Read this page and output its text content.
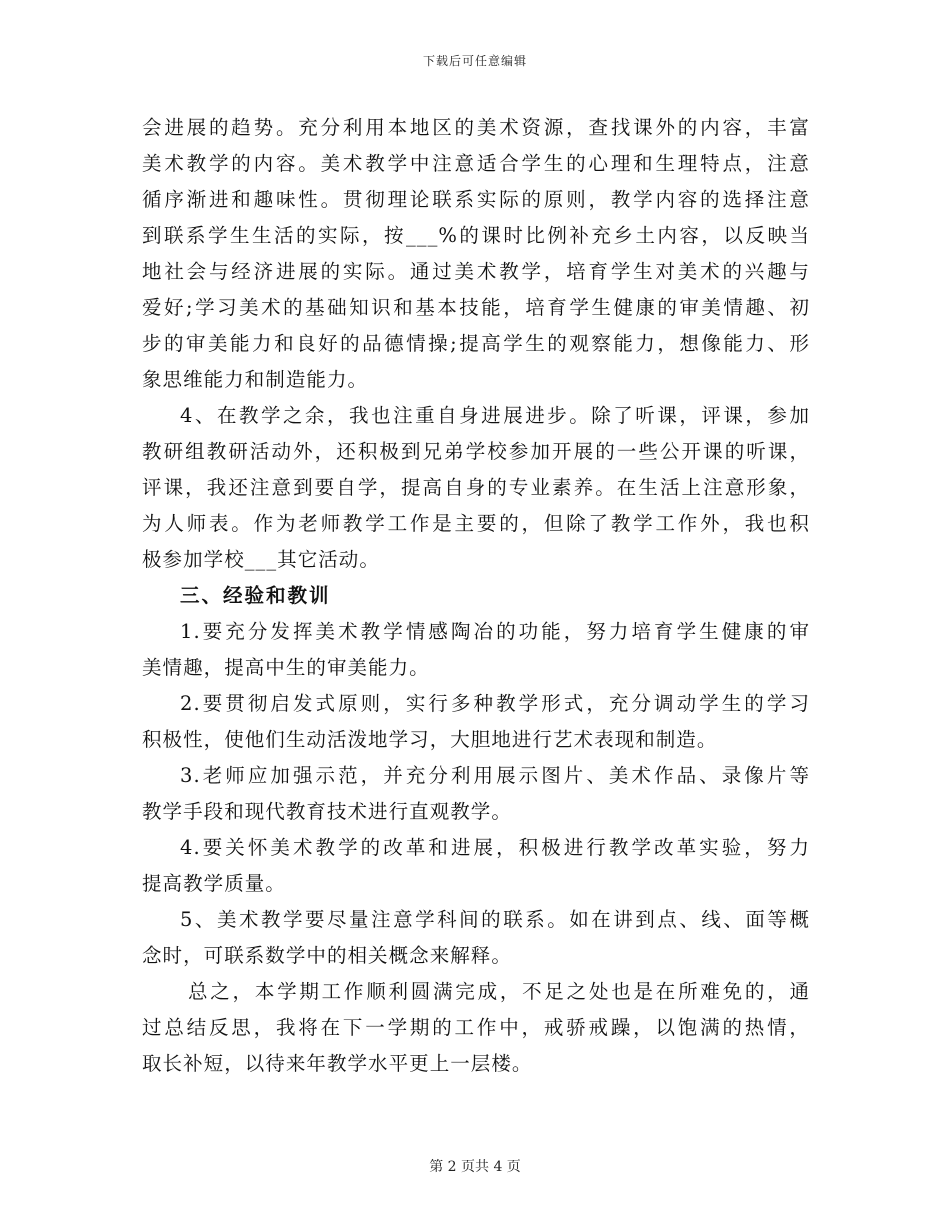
下载后可任意编辑
会进展的趋势。充分利用本地区的美术资源，查找课外的内容，丰富
美术教学的内容。美术教学中注意适合学生的心理和生理特点，注意
循序渐进和趣味性。贯彻理论联系实际的原则，教学内容的选择注意
到联系学生生活的实际，按___%的课时比例补充乡土内容，以反映当
地社会与经济进展的实际。通过美术教学，培育学生对美术的兴趣与
爱好;学习美术的基础知识和基本技能，培育学生健康的审美情趣、初
步的审美能力和良好的品德情操;提高学生的观察能力，想像能力、形
象思维能力和制造能力。
4、在教学之余，我也注重自身进展进步。除了听课，评课，参加
教研组教研活动外，还积极到兄弟学校参加开展的一些公开课的听课，
评课，我还注意到要自学，提高自身的专业素养。在生活上注意形象，
为人师表。作为老师教学工作是主要的，但除了教学工作外，我也积
极参加学校___其它活动。
三、经验和教训
1.要充分发挥美术教学情感陶冶的功能，努力培育学生健康的审
美情趣，提高中生的审美能力。
2.要贯彻启发式原则，实行多种教学形式，充分调动学生的学习
积极性，使他们生动活泼地学习，大胆地进行艺术表现和制造。
3.老师应加强示范，并充分利用展示图片、美术作品、录像片等
教学手段和现代教育技术进行直观教学。
4.要关怀美术教学的改革和进展，积极进行教学改革实验，努力
提高教学质量。
5、美术教学要尽量注意学科间的联系。如在讲到点、线、面等概
念时，可联系数学中的相关概念来解释。
总之，本学期工作顺利圆满完成，不足之处也是在所难免的，通
过总结反思，我将在下一学期的工作中，戒骄戒躁，以饱满的热情，
取长补短，以待来年教学水平更上一层楼。
第 2 页共 4 页
